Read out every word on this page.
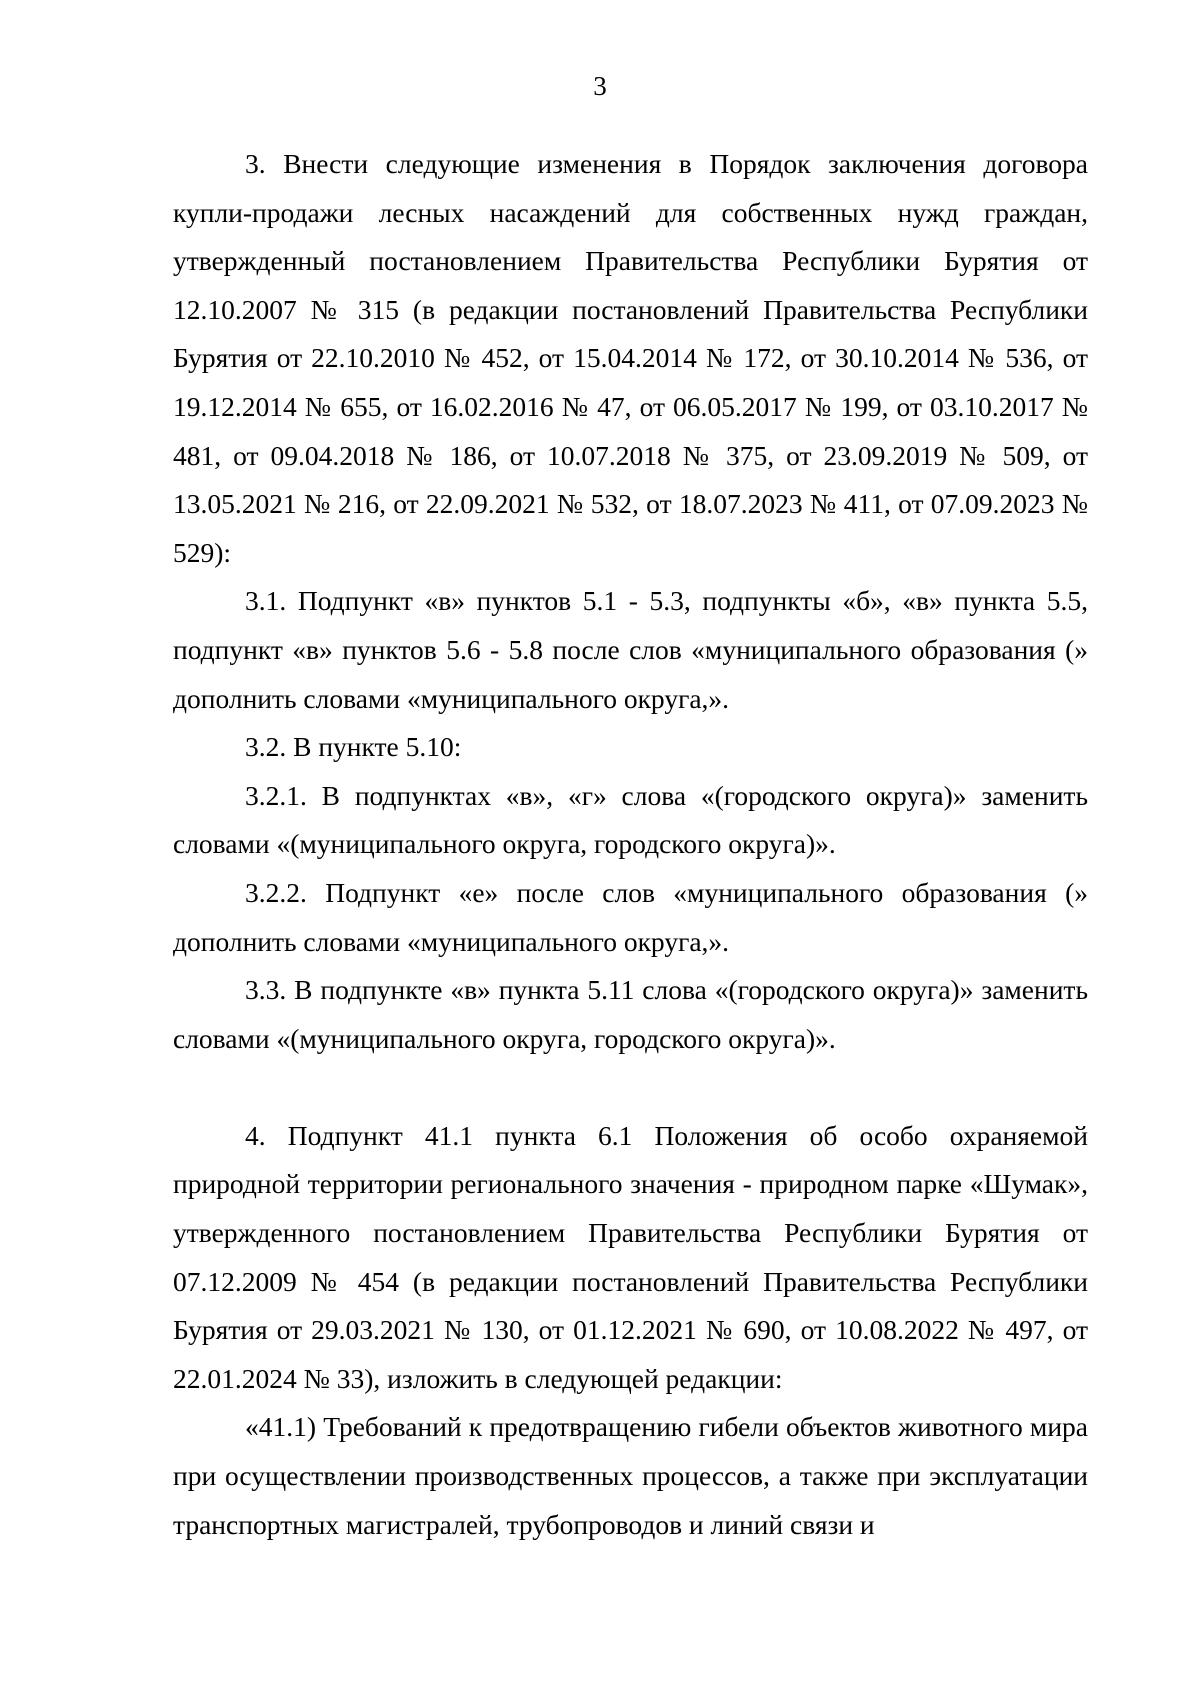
3

3. Внести следующие изменения в Порядок заключения договора купли-продажи лесных насаждений для собственных нужд граждан, утвержденный постановлением Правительства Республики Бурятия от 12.10.2007 № 315 (в редакции постановлений Правительства Республики Бурятия от 22.10.2010 № 452, от 15.04.2014 № 172, от 30.10.2014 № 536, от 19.12.2014 № 655, от 16.02.2016 № 47, от 06.05.2017 № 199, от 03.10.2017 № 481, от 09.04.2018 № 186, от 10.07.2018 № 375, от 23.09.2019 № 509, от 13.05.2021 № 216, от 22.09.2021 № 532, от 18.07.2023 № 411, от 07.09.2023 № 529):

3.1. Подпункт «в» пунктов 5.1 - 5.3, подпункты «б», «в» пункта 5.5, подпункт «в» пунктов 5.6 - 5.8 после слов «муниципального образования (» дополнить словами «муниципального округа,».

3.2. В пункте 5.10:

3.2.1. В подпунктах «в», «г» слова «(городского округа)» заменить словами «(муниципального округа, городского округа)».

3.2.2. Подпункт «е» после слов «муниципального образования (» дополнить словами «муниципального округа,».

3.3. В подпункте «в» пункта 5.11 слова «(городского округа)» заменить словами «(муниципального округа, городского округа)».

4. Подпункт 41.1 пункта 6.1 Положения об особо охраняемой природной территории регионального значения - природном парке «Шумак», утвержденного постановлением Правительства Республики Бурятия от 07.12.2009 № 454 (в редакции постановлений Правительства Республики Бурятия от 29.03.2021 № 130, от 01.12.2021 № 690, от 10.08.2022 № 497, от 22.01.2024 № 33), изложить в следующей редакции:

«41.1) Требований к предотвращению гибели объектов животного мира при осуществлении производственных процессов, а также при эксплуатации транспортных магистралей, трубопроводов и линий связи и
